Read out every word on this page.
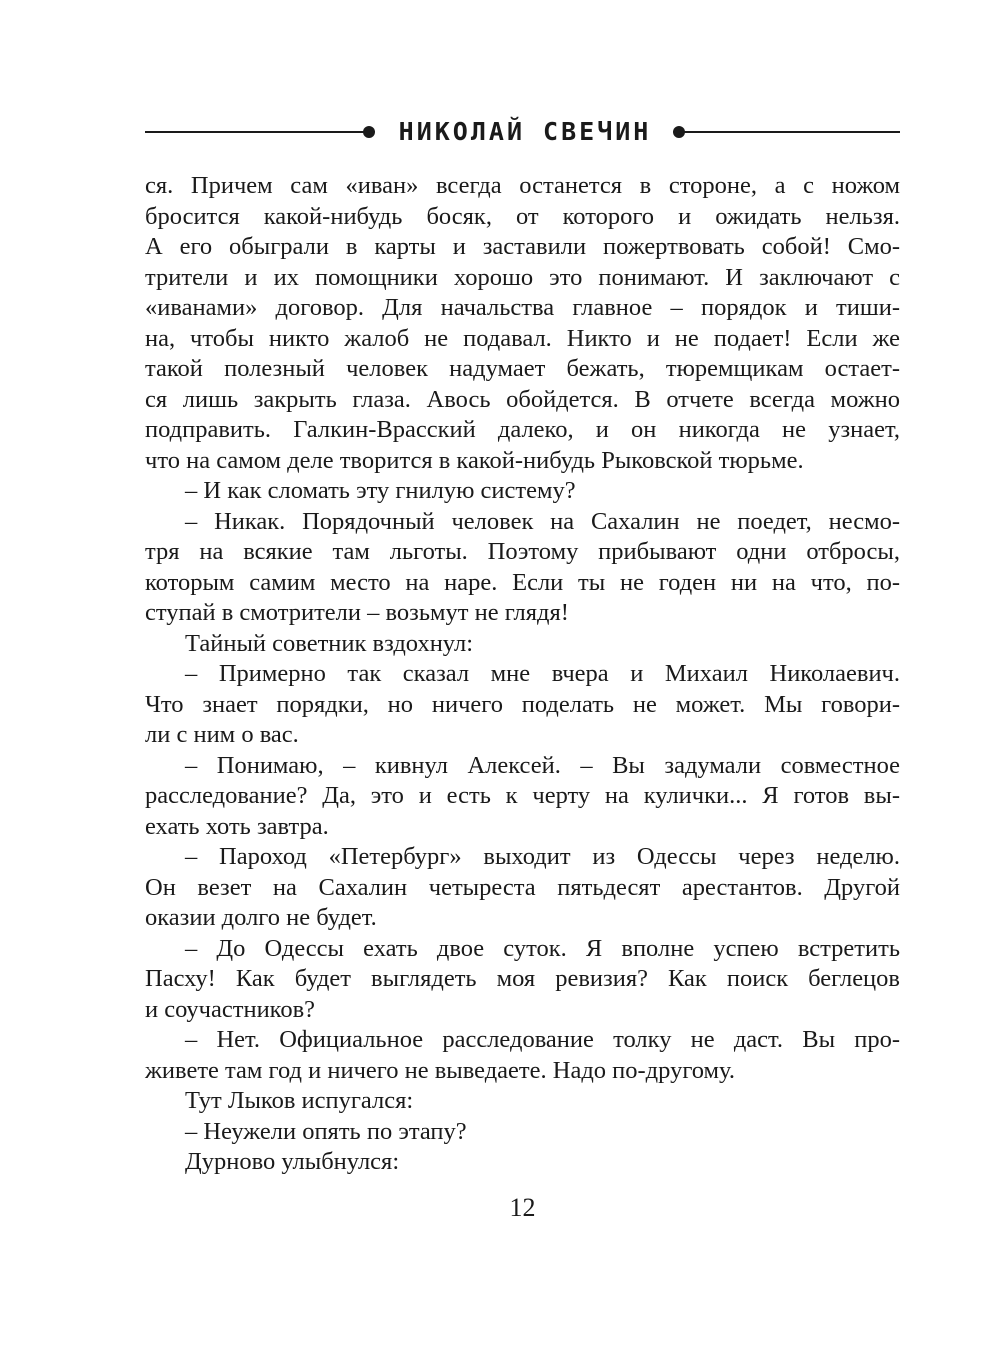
НИКОЛАЙ СВЕЧИН
ся. Причем сам «иван» всегда останется в стороне, а с ножом
бросится какой-нибудь босяк, от которого и ожидать нельзя.
А его обыграли в карты и заставили пожертвовать собой! Смо-
трители и их помощники хорошо это понимают. И заключают с
«иванами» договор. Для начальства главное – порядок и тиши-
на, чтобы никто жалоб не подавал. Никто и не подает! Если же
такой полезный человек надумает бежать, тюремщикам остает-
ся лишь закрыть глаза. Авось обойдется. В отчете всегда можно
подправить. Галкин-Врасский далеко, и он никогда не узнает,
что на самом деле творится в какой-нибудь Рыковской тюрьме.
– И как сломать эту гнилую систему?
– Никак. Порядочный человек на Сахалин не поедет, несмо-
тря на всякие там льготы. Поэтому прибывают одни отбросы,
которым самим место на наре. Если ты не годен ни на что, по-
ступай в смотрители – возьмут не глядя!
Тайный советник вздохнул:
– Примерно так сказал мне вчера и Михаил Николаевич.
Что знает порядки, но ничего поделать не может. Мы говори-
ли с ним о вас.
– Понимаю, – кивнул Алексей. – Вы задумали совместное
расследование? Да, это и есть к черту на кулички... Я готов вы-
ехать хоть завтра.
– Пароход «Петербург» выходит из Одессы через неделю.
Он везет на Сахалин четыреста пятьдесят арестантов. Другой
оказии долго не будет.
– До Одессы ехать двое суток. Я вполне успею встретить
Пасху! Как будет выглядеть моя ревизия? Как поиск беглецов
и соучастников?
– Нет. Официальное расследование толку не даст. Вы про-
живете там год и ничего не выведаете. Надо по-другому.
Тут Лыков испугался:
– Неужели опять по этапу?
Дурново улыбнулся:
12
